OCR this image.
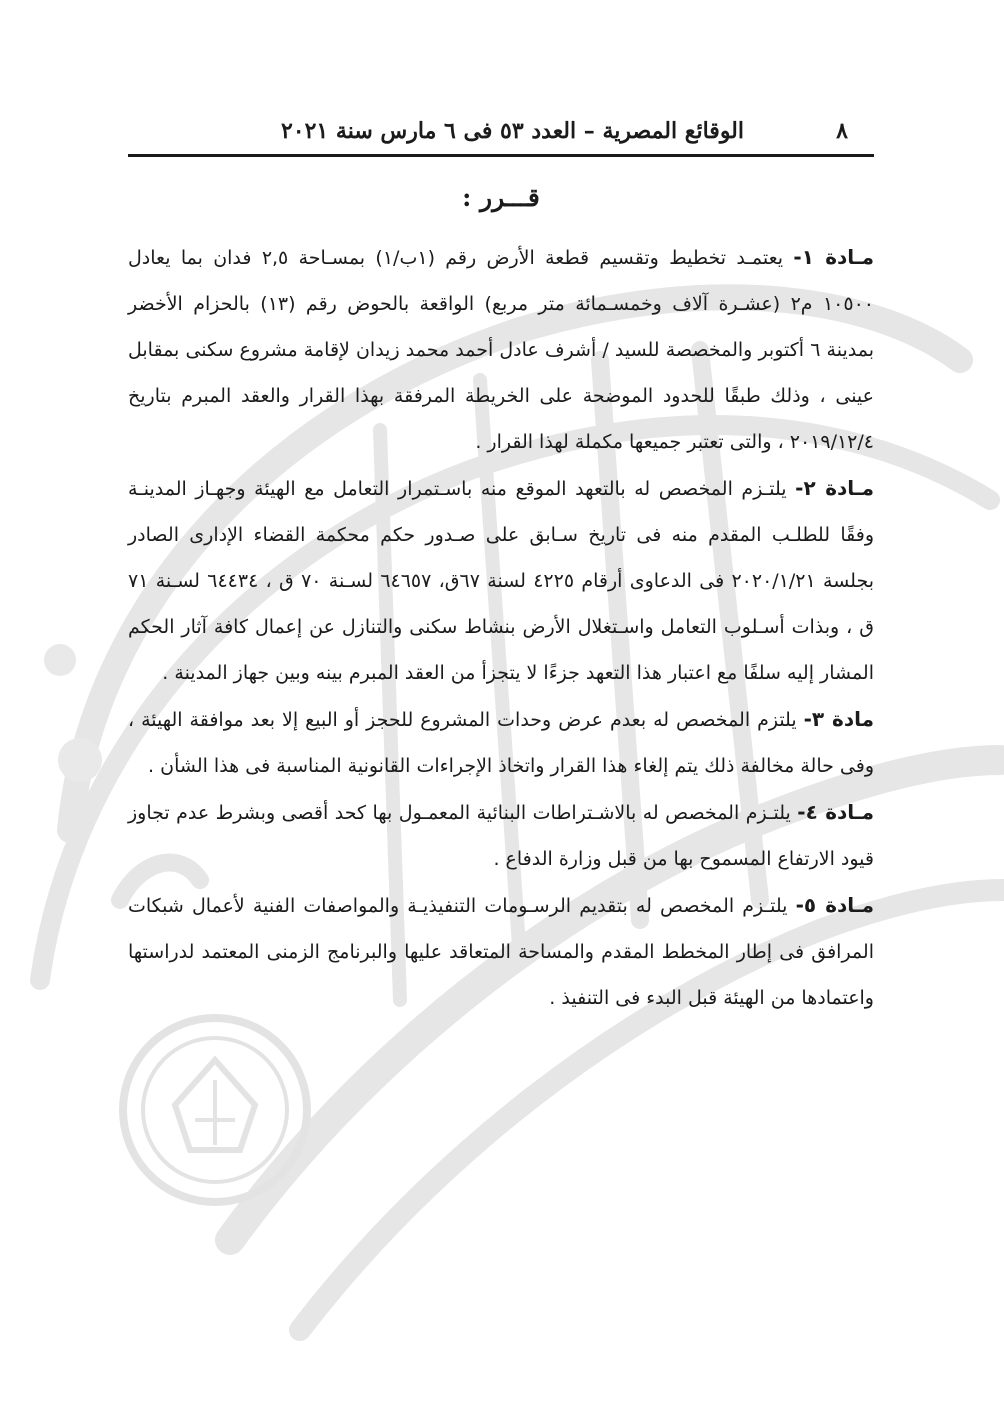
٨
الوقائع المصرية – العدد ٥٣ فى ٦ مارس سنة ٢٠٢١
قـــرر :

مـادة ١- يعتمـد تخطيط وتقسيم قطعة الأرض رقم (١ب/١) بمسـاحة ٢,٥ فدان بما يعادل ١٠٥٠٠ م٢ (عشـرة آلاف وخمسـمائة متر مربع) الواقعة بالحوض رقم (١٣) بالحزام الأخضر بمدينة ٦ أكتوبر والمخصصة للسيد / أشرف عادل أحمد محمد زيدان لإقامة مشروع سكنى بمقابل عينى ، وذلك طبقًا للحدود الموضحة على الخريطة المرفقة بهذا القرار والعقد المبرم بتاريخ ٢٠١٩/١٢/٤ ، والتى تعتبر جميعها مكملة لهذا القرار .

مـادة ٢- يلتـزم المخصص له بالتعهد الموقع منه باسـتمرار التعامل مع الهيئة وجهـاز المدينـة وفقًا للطلـب المقدم منه فى تاريخ سـابق على صـدور حكم محكمة القضاء الإدارى الصادر بجلسة ٢٠٢٠/١/٢١ فى الدعاوى أرقام ٤٢٢٥ لسنة ٦٧ق، ٦٤٦٥٧ لسـنة ٧٠ ق ، ٦٤٤٣٤ لسـنة ٧١ ق ، وبذات أسـلوب التعامل واسـتغلال الأرض بنشاط سكنى والتنازل عن إعمال كافة آثار الحكم المشار إليه سلفًا مع اعتبار هذا التعهد جزءًا لا يتجزأ من العقد المبرم بينه وبين جهاز المدينة .

مادة ٣- يلتزم المخصص له بعدم عرض وحدات المشروع للحجز أو البيع إلا بعد موافقة الهيئة ، وفى حالة مخالفة ذلك يتم إلغاء هذا القرار واتخاذ الإجراءات القانونية المناسبة فى هذا الشأن .

مـادة ٤- يلتـزم المخصص له بالاشـتراطات البنائية المعمـول بها كحد أقصى وبشرط عدم تجاوز قيود الارتفاع المسموح بها من قبل وزارة الدفاع .

مـادة ٥- يلتـزم المخصص له بتقديم الرسـومات التنفيذيـة والمواصفات الفنية لأعمال شبكات المرافق فى إطار المخطط المقدم والمساحة المتعاقد عليها والبرنامج الزمنى المعتمد لدراستها واعتمادها من الهيئة قبل البدء فى التنفيذ .
